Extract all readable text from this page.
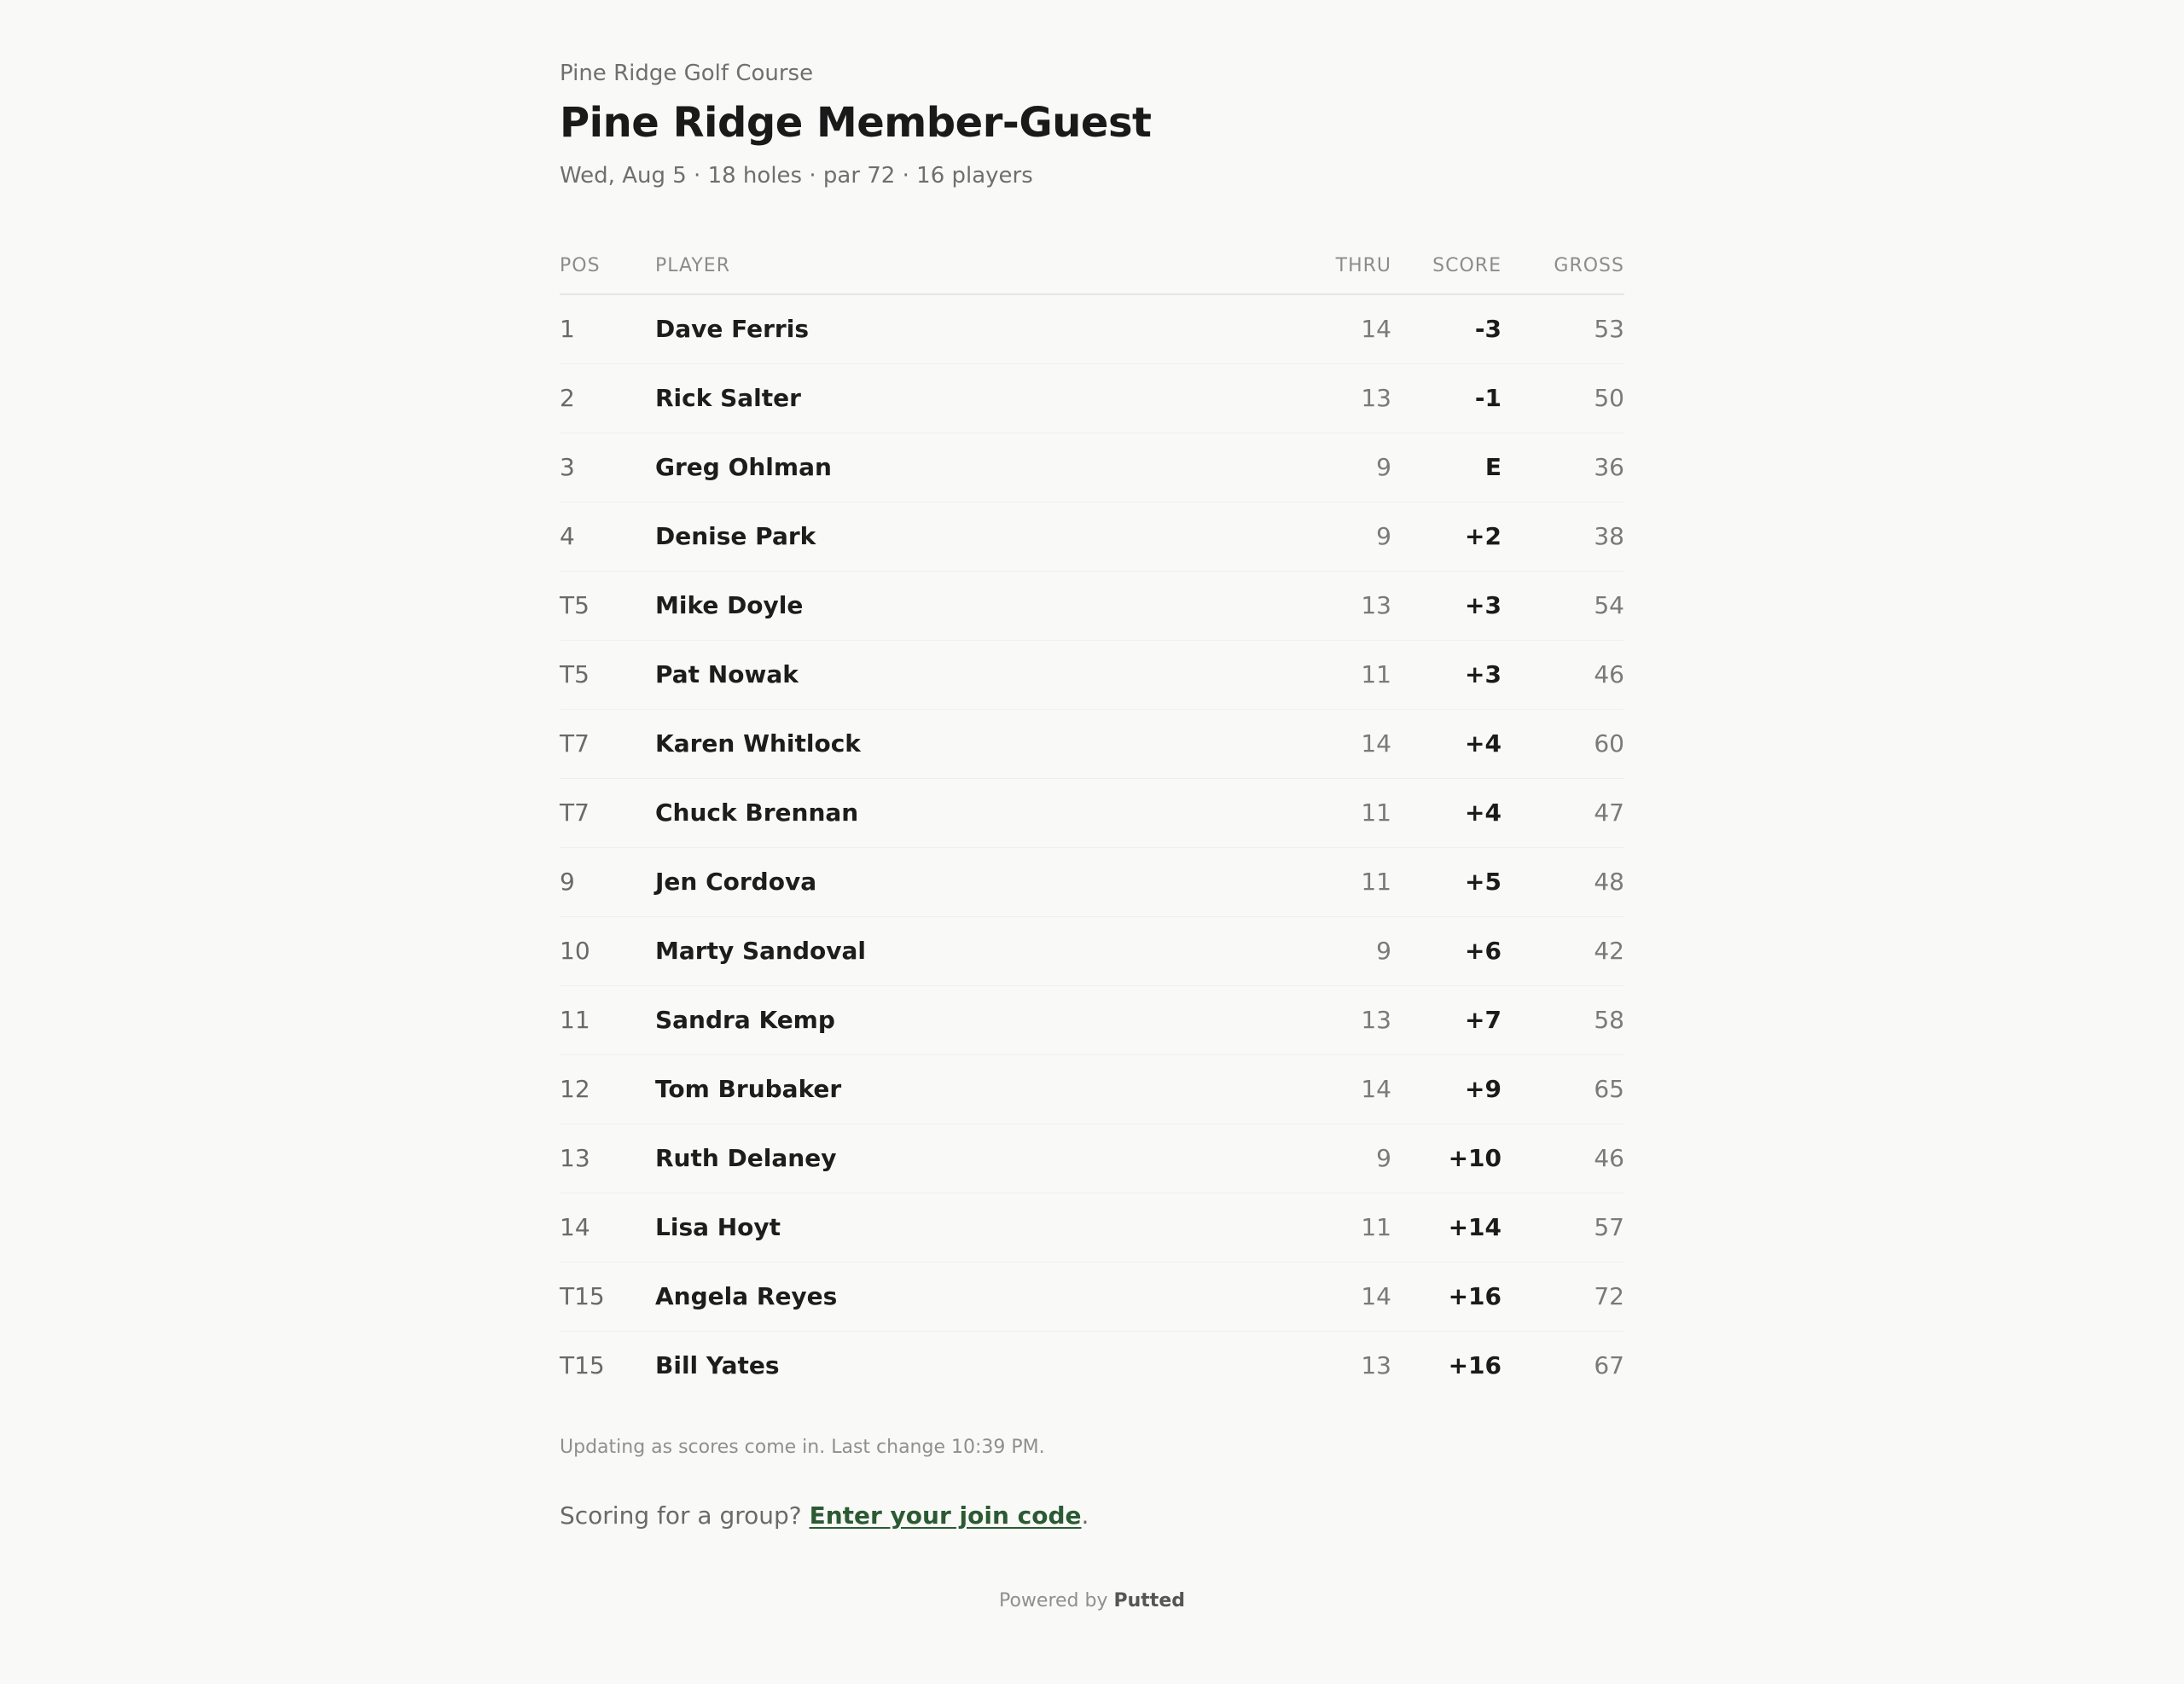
Pine Ridge Golf Course
Pine Ridge Member-Guest
Wed, Aug 5 · 18 holes · par 72 · 16 players
POS	PLAYER	THRU	SCORE	GROSS
1	Dave Ferris	14	-3	53
2	Rick Salter	13	-1	50
3	Greg Ohlman	9	E	36
4	Denise Park	9	+2	38
T5	Mike Doyle	13	+3	54
T5	Pat Nowak	11	+3	46
T7	Karen Whitlock	14	+4	60
T7	Chuck Brennan	11	+4	47
9	Jen Cordova	11	+5	48
10	Marty Sandoval	9	+6	42
11	Sandra Kemp	13	+7	58
12	Tom Brubaker	14	+9	65
13	Ruth Delaney	9	+10	46
14	Lisa Hoyt	11	+14	57
T15	Angela Reyes	14	+16	72
T15	Bill Yates	13	+16	67
Updating as scores come in. Last change 10:39 PM.
Scoring for a group? Enter your join code.
Powered by Putted
